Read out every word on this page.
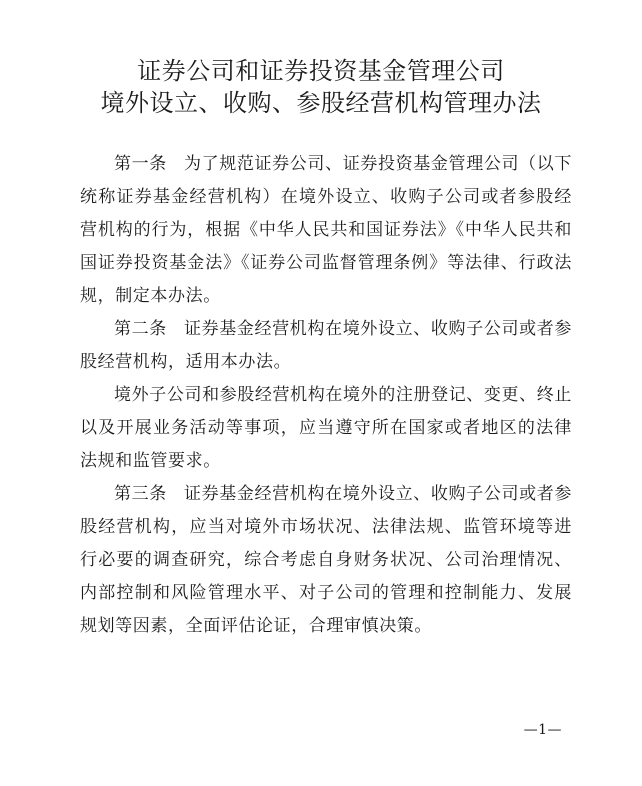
证券公司和证券投资基金管理公司
境外设立、收购、参股经营机构管理办法

第一条 为了规范证券公司、证券投资基金管理公司（以下统称证券基金经营机构）在境外设立、收购子公司或者参股经营机构的行为，根据《中华人民共和国证券法》《中华人民共和国证券投资基金法》《证券公司监督管理条例》等法律、行政法规，制定本办法。

第二条 证券基金经营机构在境外设立、收购子公司或者参股经营机构，适用本办法。

境外子公司和参股经营机构在境外的注册登记、变更、终止以及开展业务活动等事项，应当遵守所在国家或者地区的法律法规和监管要求。

第三条 证券基金经营机构在境外设立、收购子公司或者参股经营机构，应当对境外市场状况、法律法规、监管环境等进行必要的调查研究，综合考虑自身财务状况、公司治理情况、内部控制和风险管理水平、对子公司的管理和控制能力、发展规划等因素，全面评估论证，合理审慎决策。

—1—
